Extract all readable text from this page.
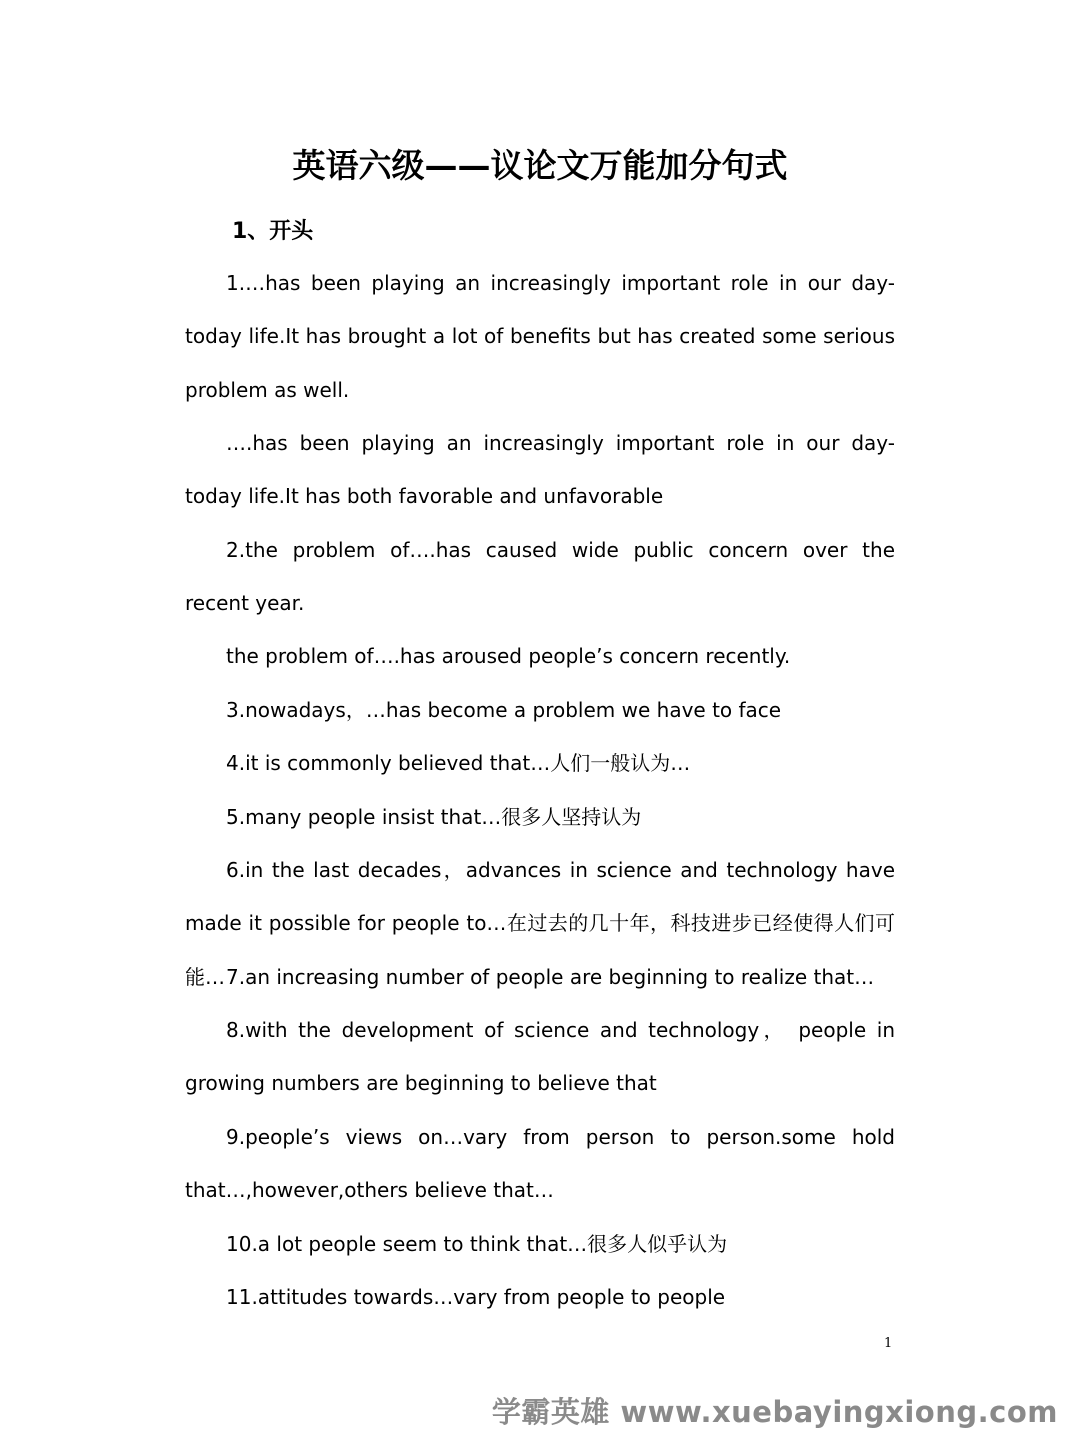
英语六级——议论文万能加分句式
1、开头

1.…has been playing an increasingly important role in our day-today life.It has brought a lot of benefits but has created some serious problem as well.

….has been playing an increasingly important role in our day-today life.It has both favorable and unfavorable

2.the problem of….has caused wide public concern over the recent year.

the problem of….has aroused people’s concern recently.

3.nowadays，…has become a problem we have to face

4.it is commonly believed that…人们一般认为…

5.many people insist that…很多人坚持认为

6.in the last decades，advances in science and technology have made it possible for people to…在过去的几十年，科技进步已经使得人们可能… 7.an increasing number of people are beginning to realize that…

8.with the development of science and technology， people in growing numbers are beginning to believe that

9.people’s views on…vary from person to person.some hold that…,however,others believe that…

10.a lot people seem to think that…很多人似乎认为

11.attitudes towards…vary from people to people

1
学霸英雄 www.xuebayingxiong.com
